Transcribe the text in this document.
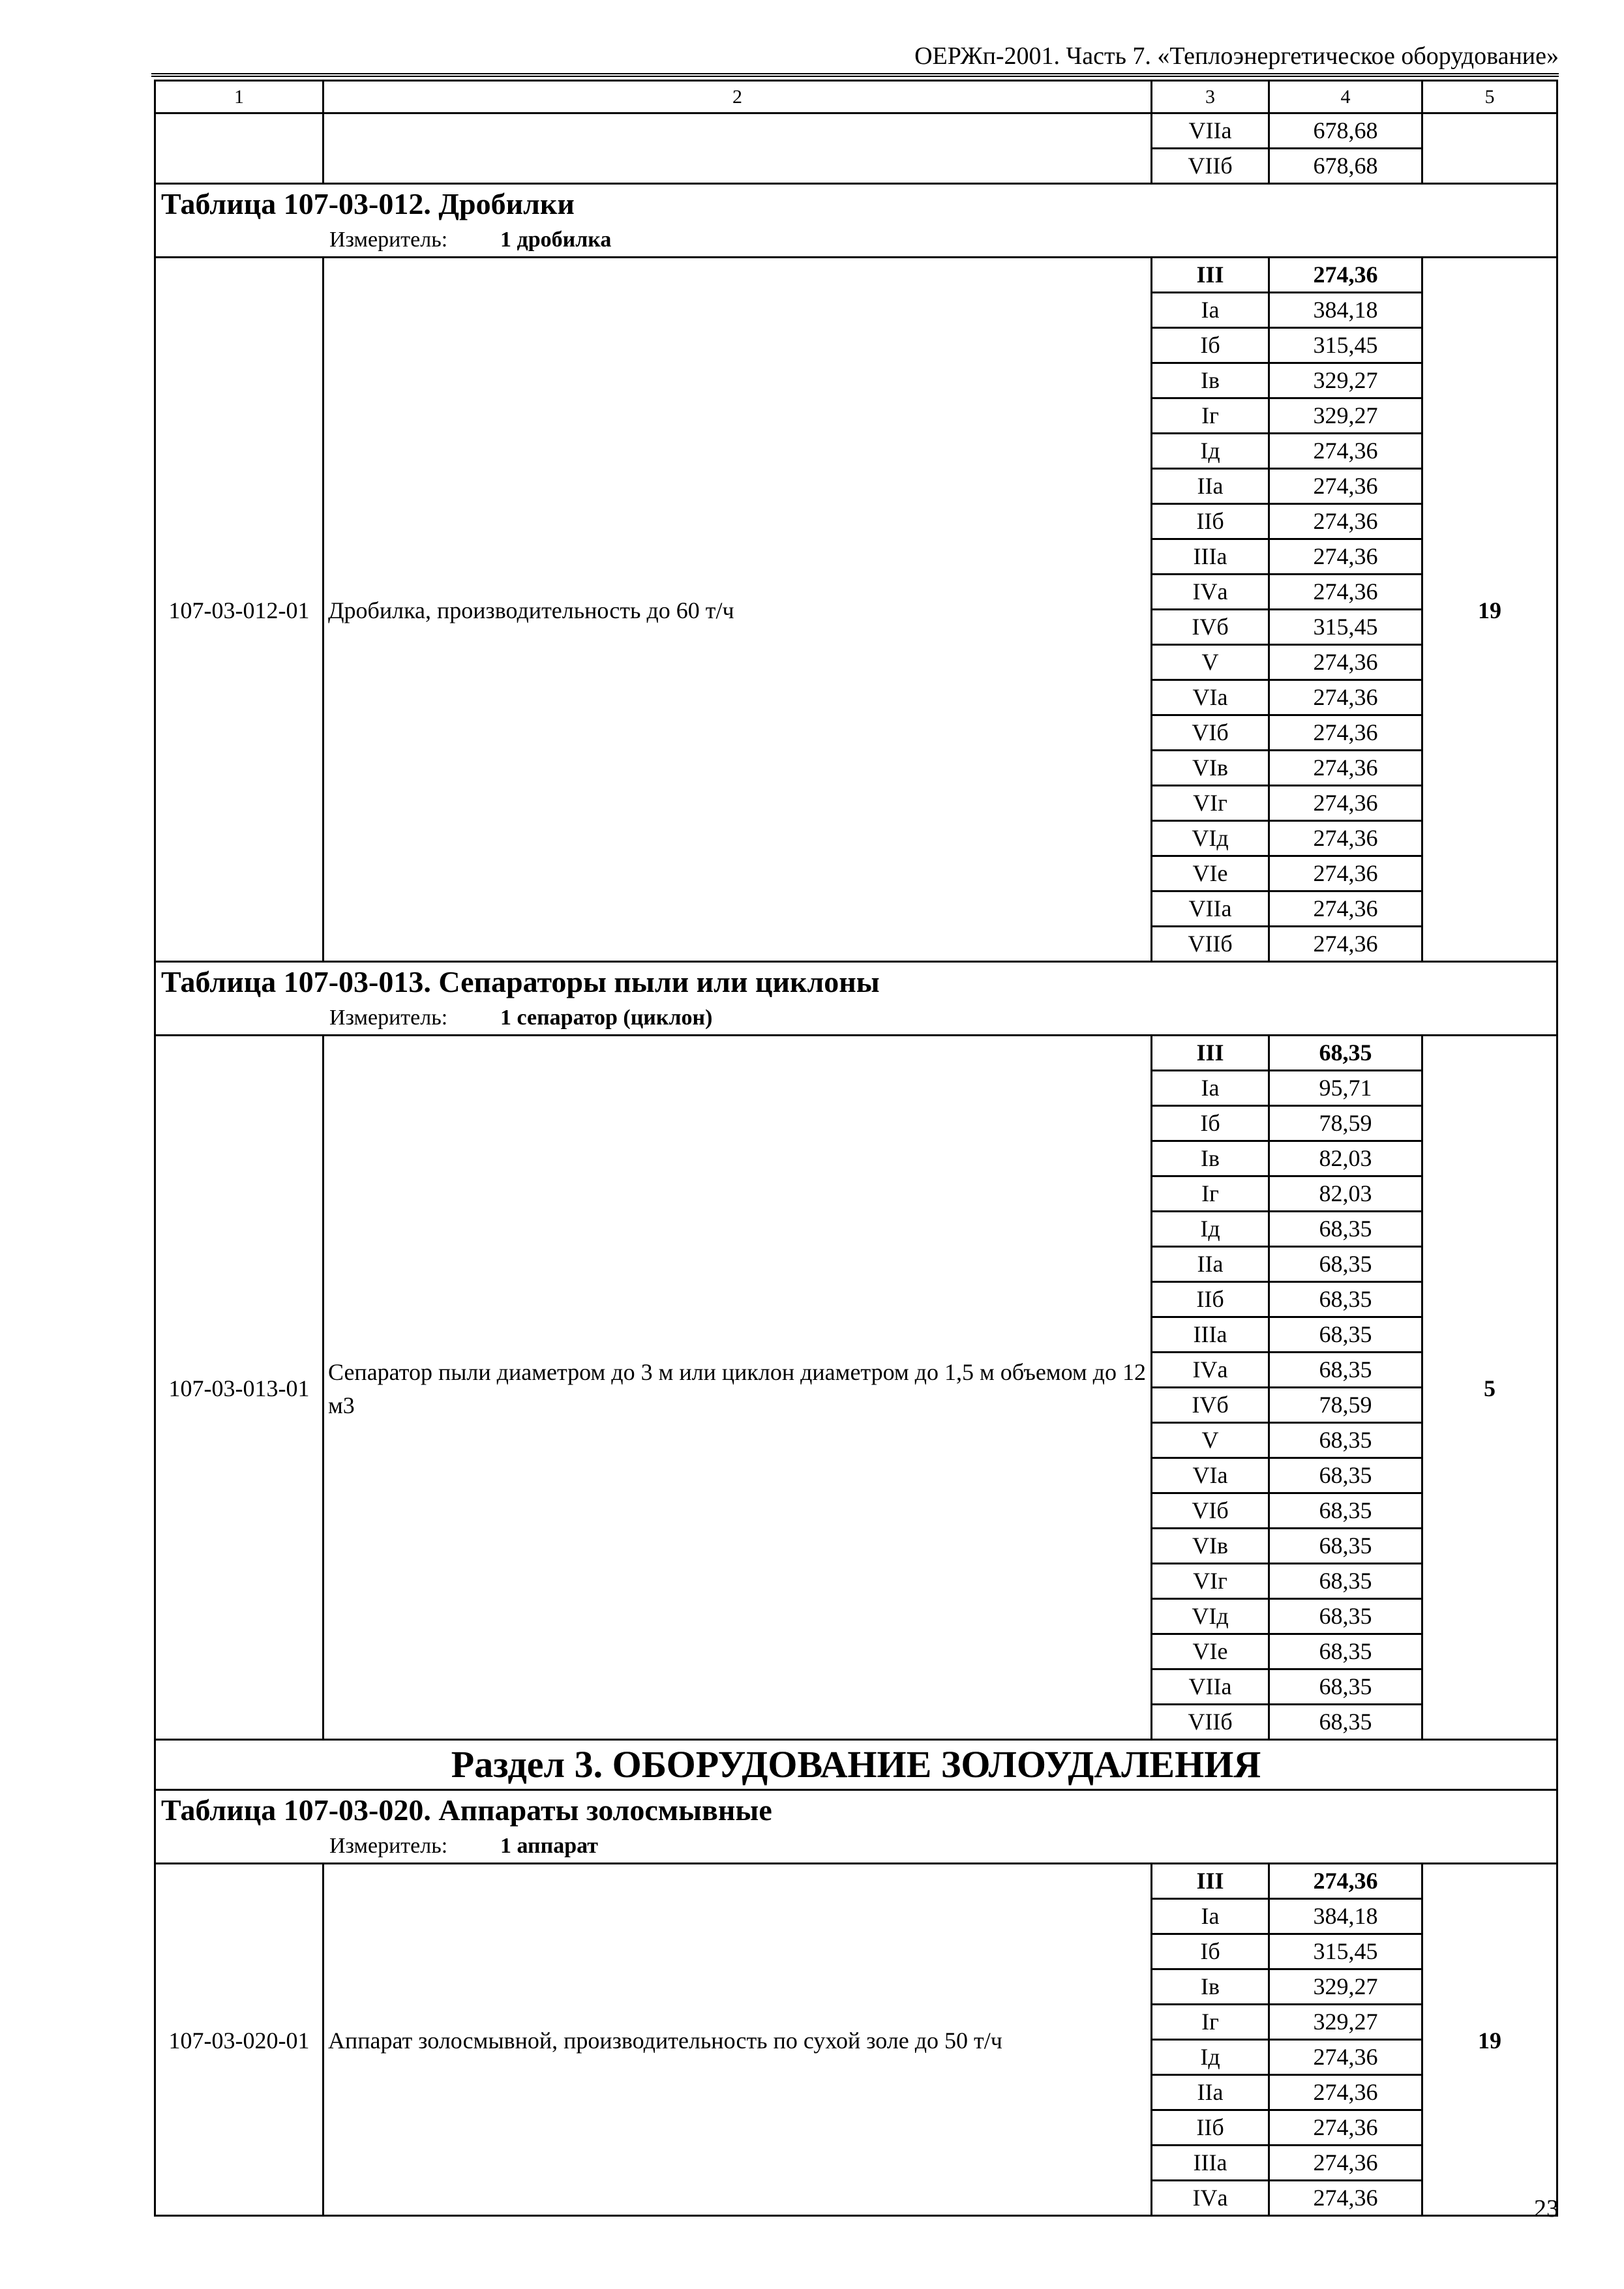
ОЕРЖп-2001. Часть 7. «Теплоэнергетическое оборудование»
1	2	3	4	5
		VIIа	678,68	
		VIIб	678,68	
Таблица 107-03-012. Дробилки				
Измеритель: 1 дробилка				
107-03-012-01	Дробилка, производительность до 60 т/ч	III	274,36	19
		Iа	384,18	
		Iб	315,45	
		Iв	329,27	
		Iг	329,27	
		Iд	274,36	
		IIа	274,36	
		IIб	274,36	
		IIIа	274,36	
		IVа	274,36	
		IVб	315,45	
		V	274,36	
		VIа	274,36	
		VIб	274,36	
		VIв	274,36	
		VIг	274,36	
		VIд	274,36	
		VIе	274,36	
		VIIа	274,36	
		VIIб	274,36	
Таблица 107-03-013. Сепараторы пыли или циклоны				
Измеритель: 1 сепаратор (циклон)				
107-03-013-01	Сепаратор пыли диаметром до 3 м или циклон диаметром до 1,5 м объемом до 12 м3	III	68,35	5
		Iа	95,71	
		Iб	78,59	
		Iв	82,03	
		Iг	82,03	
		Iд	68,35	
		IIа	68,35	
		IIб	68,35	
		IIIа	68,35	
		IVа	68,35	
		IVб	78,59	
		V	68,35	
		VIа	68,35	
		VIб	68,35	
		VIв	68,35	
		VIг	68,35	
		VIд	68,35	
		VIе	68,35	
		VIIа	68,35	
		VIIб	68,35	
Раздел 3. ОБОРУДОВАНИЕ ЗОЛОУДАЛЕНИЯ				
Таблица 107-03-020. Аппараты золосмывные				
Измеритель: 1 аппарат				
107-03-020-01	Аппарат золосмывной, производительность по сухой золе до 50 т/ч	III	274,36	19
		Iа	384,18	
		Iб	315,45	
		Iв	329,27	
		Iг	329,27	
		Iд	274,36	
		IIа	274,36	
		IIб	274,36	
		IIIа	274,36	
		IVа	274,36		23
